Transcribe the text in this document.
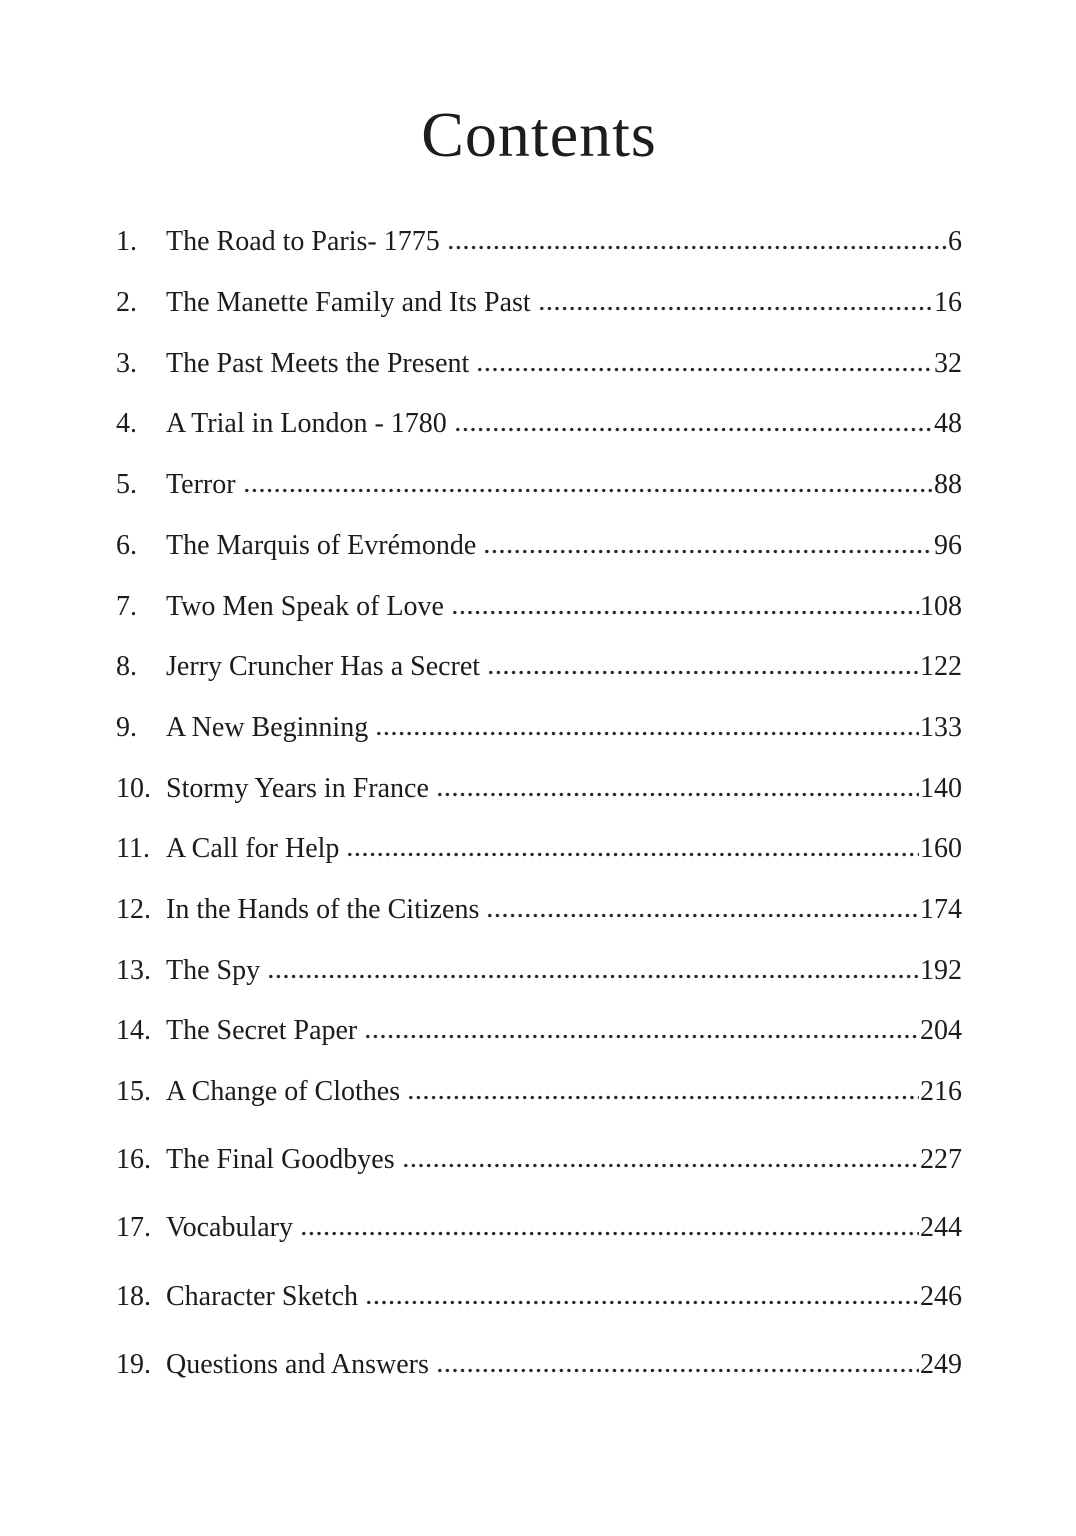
Contents
1.	The Road to Paris- 1775	6
2.	The Manette Family and Its Past	16
3.	The Past Meets the Present	32
4.	A Trial in London - 1780	48
5.	Terror	88
6.	The Marquis of Evrémonde	96
7.	Two Men Speak of Love	108
8.	Jerry Cruncher Has a Secret	122
9.	A New Beginning	133
10. Stormy Years in France	140
11. A Call for Help	160
12. In the Hands of the Citizens	174
13. The Spy	192
14. The Secret Paper	204
15. A Change of Clothes	216
16. The Final Goodbyes	227
17. Vocabulary	244
18. Character Sketch	246
19. Questions and Answers	249
